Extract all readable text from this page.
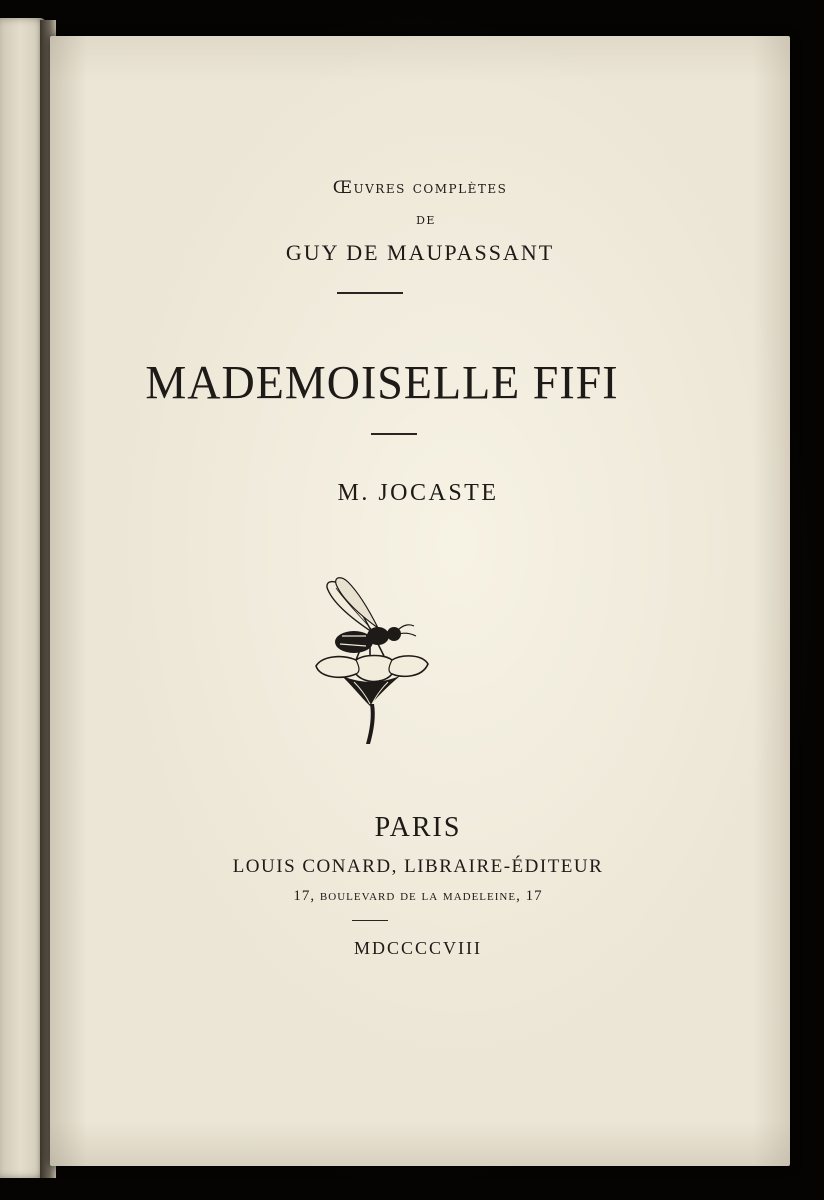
Œuvres complètes
DE
GUY DE MAUPASSANT
MADEMOISELLE FIFI
M. JOCASTE
PARIS
LOUIS CONARD, LIBRAIRE-ÉDITEUR
17, boulevard de la madeleine, 17
MDCCCCVIII
